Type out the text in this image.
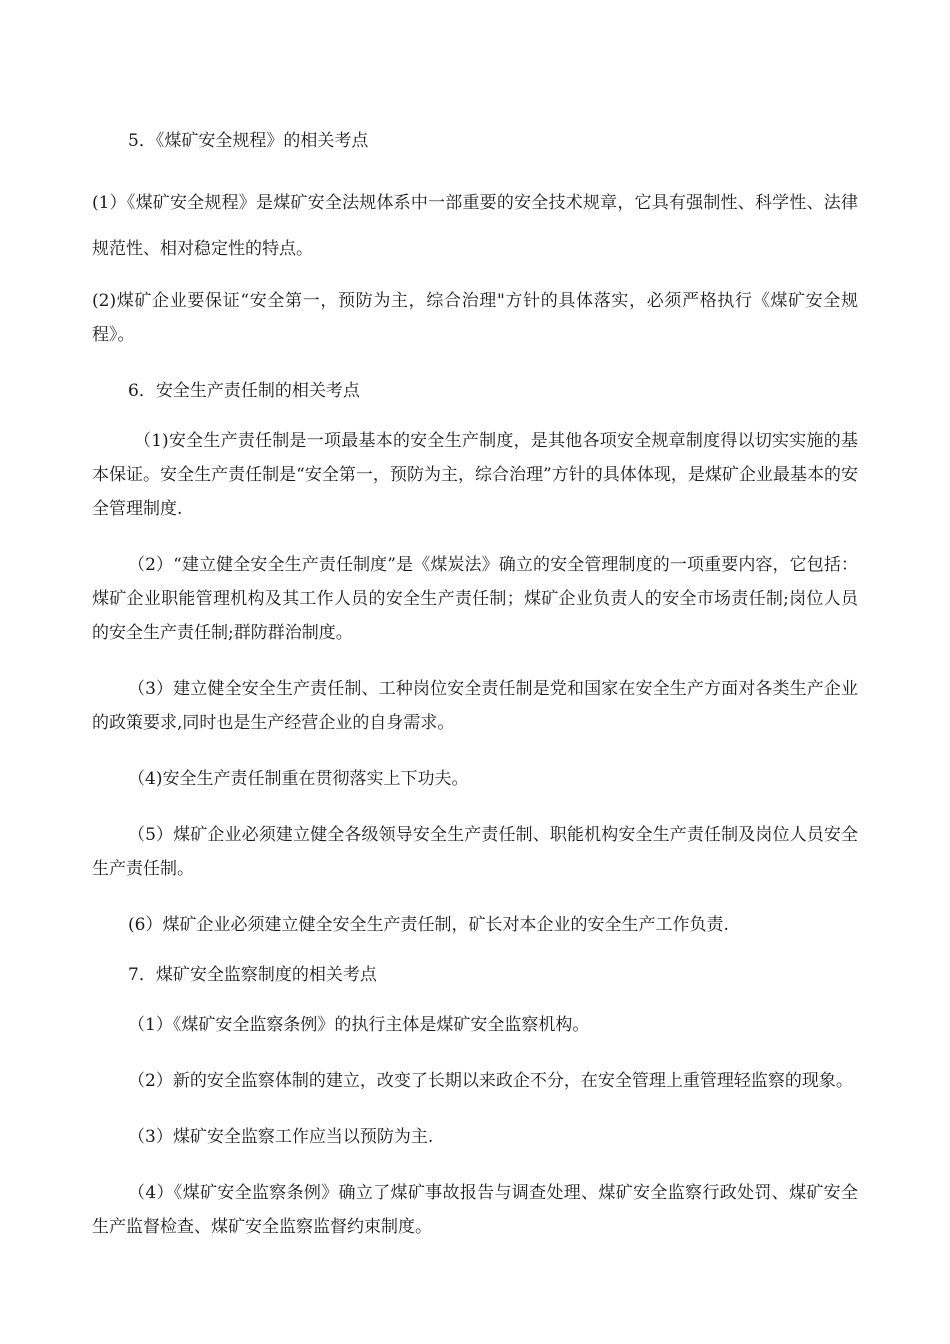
5．《煤矿安全规程》的相关考点

(1）《煤矿安全规程》是煤矿安全法规体系中一部重要的安全技术规章，它具有强制性、科学性、法律规范性、相对稳定性的特点。

(2)煤矿企业要保证“安全第一，预防为主，综合治理"方针的具体落实，必须严格执行《煤矿安全规程》。

6．安全生产责任制的相关考点

（1)安全生产责任制是一项最基本的安全生产制度，是其他各项安全规章制度得以切实实施的基本保证。安全生产责任制是“安全第一，预防为主，综合治理”方针的具体体现，是煤矿企业最基本的安全管理制度.

（2）“建立健全安全生产责任制度”是《煤炭法》确立的安全管理制度的一项重要内容，它包括：煤矿企业职能管理机构及其工作人员的安全生产责任制；煤矿企业负责人的安全市场责任制;岗位人员的安全生产责任制;群防群治制度。

（3）建立健全安全生产责任制、工种岗位安全责任制是党和国家在安全生产方面对各类生产企业的政策要求,同时也是生产经营企业的自身需求。

（4)安全生产责任制重在贯彻落实上下功夫。

（5）煤矿企业必须建立健全各级领导安全生产责任制、职能机构安全生产责任制及岗位人员安全生产责任制。

(6）煤矿企业必须建立健全安全生产责任制，矿长对本企业的安全生产工作负责.

7．煤矿安全监察制度的相关考点

（1）《煤矿安全监察条例》的执行主体是煤矿安全监察机构。

（2）新的安全监察体制的建立，改变了长期以来政企不分，在安全管理上重管理轻监察的现象。

（3）煤矿安全监察工作应当以预防为主.

（4）《煤矿安全监察条例》确立了煤矿事故报告与调查处理、煤矿安全监察行政处罚、煤矿安全生产监督检查、煤矿安全监察监督约束制度。
